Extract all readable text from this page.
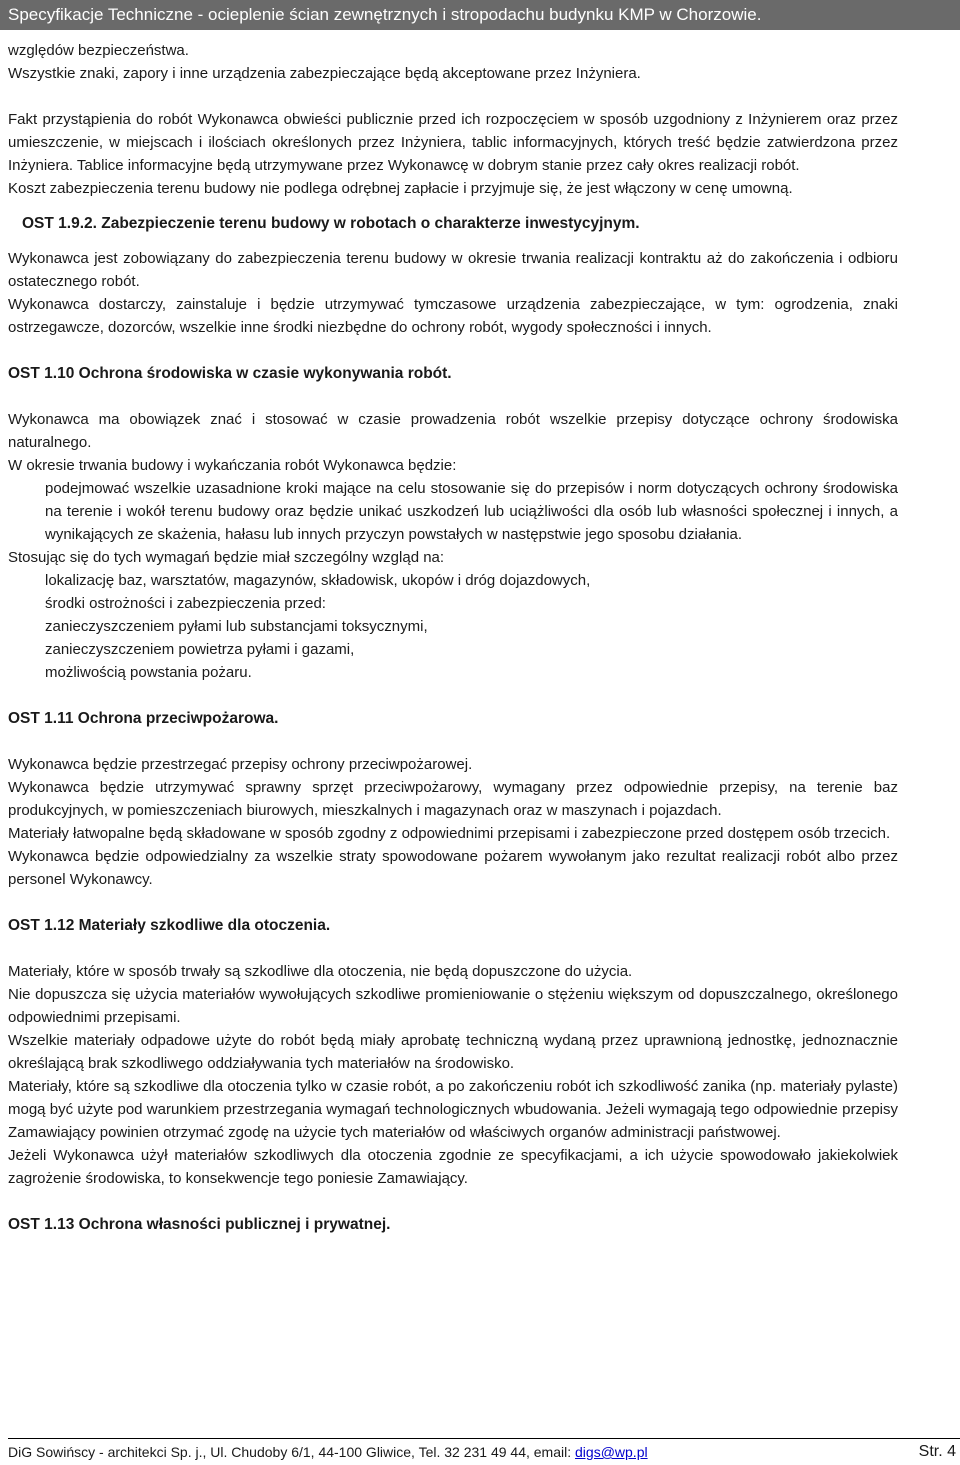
Specyfikacje Techniczne - ocieplenie ścian zewnętrznych i stropodachu budynku KMP w Chorzowie.

względów bezpieczeństwa.

Wszystkie znaki, zapory i inne urządzenia zabezpieczające będą akceptowane przez Inżyniera.

Fakt przystąpienia do robót Wykonawca obwieści publicznie przed ich rozpoczęciem w sposób uzgodniony z Inżynierem oraz przez umieszczenie, w miejscach i ilościach określonych przez Inżyniera, tablic informacyjnych, których treść będzie zatwierdzona przez Inżyniera. Tablice informacyjne będą utrzymywane przez Wykonawcę w dobrym stanie przez cały okres realizacji robót.

Koszt zabezpieczenia terenu budowy nie podlega odrębnej zapłacie i przyjmuje się, że jest włączony w cenę umowną.

OST 1.9.2. Zabezpieczenie terenu budowy w robotach o charakterze inwestycyjnym.

Wykonawca jest zobowiązany do zabezpieczenia terenu budowy w okresie trwania realizacji kontraktu aż do zakończenia i odbioru ostatecznego robót.

Wykonawca dostarczy, zainstaluje i będzie utrzymywać tymczasowe urządzenia zabezpieczające, w tym: ogrodzenia, znaki ostrzegawcze, dozorców, wszelkie inne środki niezbędne do ochrony robót, wygody społeczności i innych.

OST 1.10 Ochrona środowiska w czasie wykonywania robót.

Wykonawca ma obowiązek znać i stosować w czasie prowadzenia robót wszelkie przepisy dotyczące ochrony środowiska naturalnego.

W okresie trwania budowy i wykańczania robót Wykonawca będzie:

podejmować wszelkie uzasadnione kroki mające na celu stosowanie się do przepisów i norm dotyczących ochrony środowiska na terenie i wokół terenu budowy oraz będzie unikać uszkodzeń lub uciążliwości dla osób lub własności społecznej i innych, a wynikających ze skażenia, hałasu lub innych przyczyn powstałych w następstwie jego sposobu działania.

Stosując się do tych wymagań będzie miał szczególny wzgląd na:

lokalizację baz, warsztatów, magazynów, składowisk, ukopów i dróg dojazdowych,

środki ostrożności i zabezpieczenia przed:

zanieczyszczeniem pyłami lub substancjami toksycznymi,

zanieczyszczeniem powietrza pyłami i gazami,

możliwością powstania pożaru.

OST 1.11 Ochrona przeciwpożarowa.

Wykonawca będzie przestrzegać przepisy ochrony przeciwpożarowej.

Wykonawca będzie utrzymywać sprawny sprzęt przeciwpożarowy, wymagany przez odpowiednie przepisy, na terenie baz produkcyjnych, w pomieszczeniach biurowych, mieszkalnych i magazynach oraz w maszynach i pojazdach.

Materiały łatwopalne będą składowane w sposób zgodny z odpowiednimi przepisami i zabezpieczone przed dostępem osób trzecich.

Wykonawca będzie odpowiedzialny za wszelkie straty spowodowane pożarem wywołanym jako rezultat realizacji robót albo przez personel Wykonawcy.

OST 1.12 Materiały szkodliwe dla otoczenia.

Materiały, które w sposób trwały są szkodliwe dla otoczenia, nie będą dopuszczone do użycia.

Nie dopuszcza się użycia materiałów wywołujących szkodliwe promieniowanie o stężeniu większym od dopuszczalnego, określonego odpowiednimi przepisami.

Wszelkie materiały odpadowe użyte do robót będą miały aprobatę techniczną wydaną przez uprawnioną jednostkę, jednoznacznie określającą brak szkodliwego oddziaływania tych materiałów na środowisko.

Materiały, które są szkodliwe dla otoczenia tylko w czasie robót, a po zakończeniu robót ich szkodliwość zanika (np. materiały pylaste) mogą być użyte pod warunkiem przestrzegania wymagań technologicznych wbudowania. Jeżeli wymagają tego odpowiednie przepisy Zamawiający powinien otrzymać zgodę na użycie tych materiałów od właściwych organów administracji państwowej.

Jeżeli Wykonawca użył materiałów szkodliwych dla otoczenia zgodnie ze specyfikacjami, a ich użycie spowodowało jakiekolwiek zagrożenie środowiska, to konsekwencje tego poniesie Zamawiający.

OST 1.13 Ochrona własności publicznej i prywatnej.
DiG Sowińscy - architekci Sp. j., Ul. Chudoby 6/1, 44-100 Gliwice, Tel. 32 231 49 44, email: digs@wp.pl	Str. 4
